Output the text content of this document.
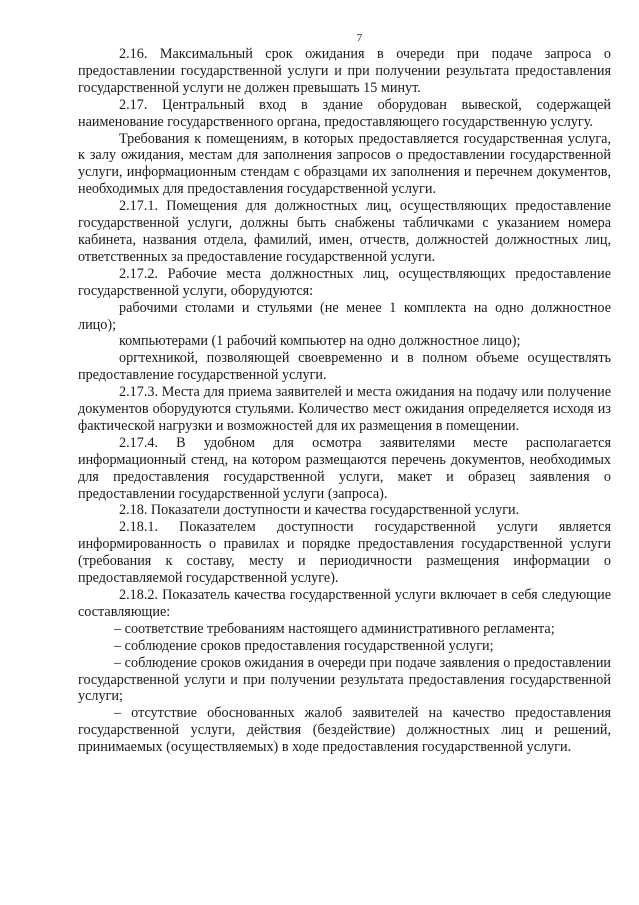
7

2.16. Максимальный срок ожидания в очереди при подаче запроса о предоставлении государственной услуги и при получении результата предоставления государственной услуги не должен превышать 15 минут.

2.17. Центральный вход в здание оборудован вывеской, содержащей наименование государственного органа, предоставляющего государственную услугу.

Требования к помещениям, в которых предоставляется государственная услуга, к залу ожидания, местам для заполнения запросов о предоставлении государственной услуги, информационным стендам с образцами их заполнения и перечнем документов, необходимых для предоставления государственной услуги.

2.17.1. Помещения для должностных лиц, осуществляющих предоставление государственной услуги, должны быть снабжены табличками с указанием номера кабинета, названия отдела, фамилий, имен, отчеств, должностей должностных лиц, ответственных за предоставление государственной услуги.

2.17.2. Рабочие места должностных лиц, осуществляющих предоставление государственной услуги, оборудуются:

рабочими столами и стульями (не менее 1 комплекта на одно должностное лицо);

компьютерами (1 рабочий компьютер на одно должностное лицо);

оргтехникой, позволяющей своевременно и в полном объеме осуществлять предоставление государственной услуги.

2.17.3. Места для приема заявителей и места ожидания на подачу или получение документов оборудуются стульями. Количество мест ожидания определяется исходя из фактической нагрузки и возможностей для их размещения в помещении.

2.17.4. В удобном для осмотра заявителями месте располагается информационный стенд, на котором размещаются перечень документов, необходимых для предоставления государственной услуги, макет и образец заявления о предоставлении государственной услуги (запроса).

2.18. Показатели доступности и качества государственной услуги.

2.18.1. Показателем доступности государственной услуги является информированность о правилах и порядке предоставления государственной услуги (требования к составу, месту и периодичности размещения информации о предоставляемой государственной услуге).

2.18.2. Показатель качества государственной услуги включает в себя следующие составляющие:

– соответствие требованиям настоящего административного регламента;

– соблюдение сроков предоставления государственной услуги;

– соблюдение сроков ожидания в очереди при подаче заявления о предоставлении государственной услуги и при получении результата предоставления государственной услуги;

– отсутствие обоснованных жалоб заявителей на качество предоставления государственной услуги, действия (бездействие) должностных лиц и решений, принимаемых (осуществляемых) в ходе предоставления государственной услуги.
